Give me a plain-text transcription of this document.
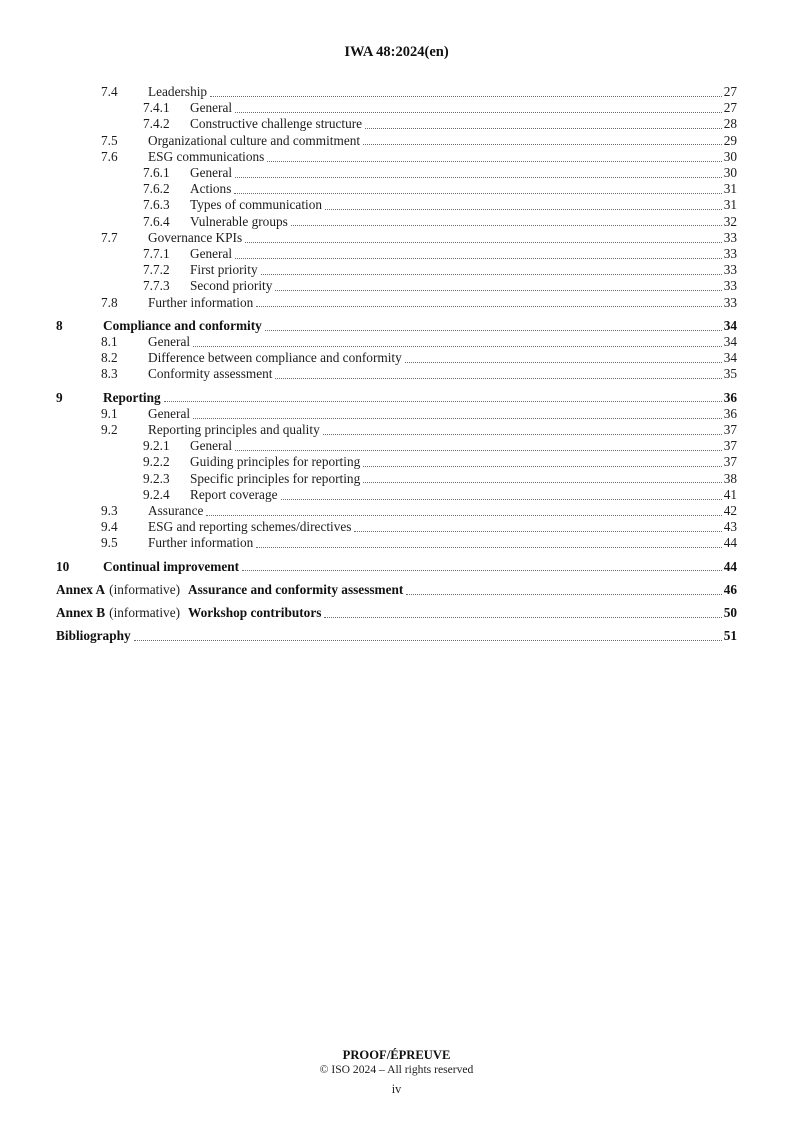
IWA 48:2024(en)
7.4	Leadership	27
7.4.1	General	27
7.4.2	Constructive challenge structure	28
7.5	Organizational culture and commitment	29
7.6	ESG communications	30
7.6.1	General	30
7.6.2	Actions	31
7.6.3	Types of communication	31
7.6.4	Vulnerable groups	32
7.7	Governance KPIs	33
7.7.1	General	33
7.7.2	First priority	33
7.7.3	Second priority	33
7.8	Further information	33
8	Compliance and conformity	34
8.1	General	34
8.2	Difference between compliance and conformity	34
8.3	Conformity assessment	35
9	Reporting	36
9.1	General	36
9.2	Reporting principles and quality	37
9.2.1	General	37
9.2.2	Guiding principles for reporting	37
9.2.3	Specific principles for reporting	38
9.2.4	Report coverage	41
9.3	Assurance	42
9.4	ESG and reporting schemes/directives	43
9.5	Further information	44
10	Continual improvement	44
Annex A (informative) Assurance and conformity assessment	46
Annex B (informative) Workshop contributors	50
Bibliography	51
PROOF/ÉPREUVE
© ISO 2024 – All rights reserved
iv
